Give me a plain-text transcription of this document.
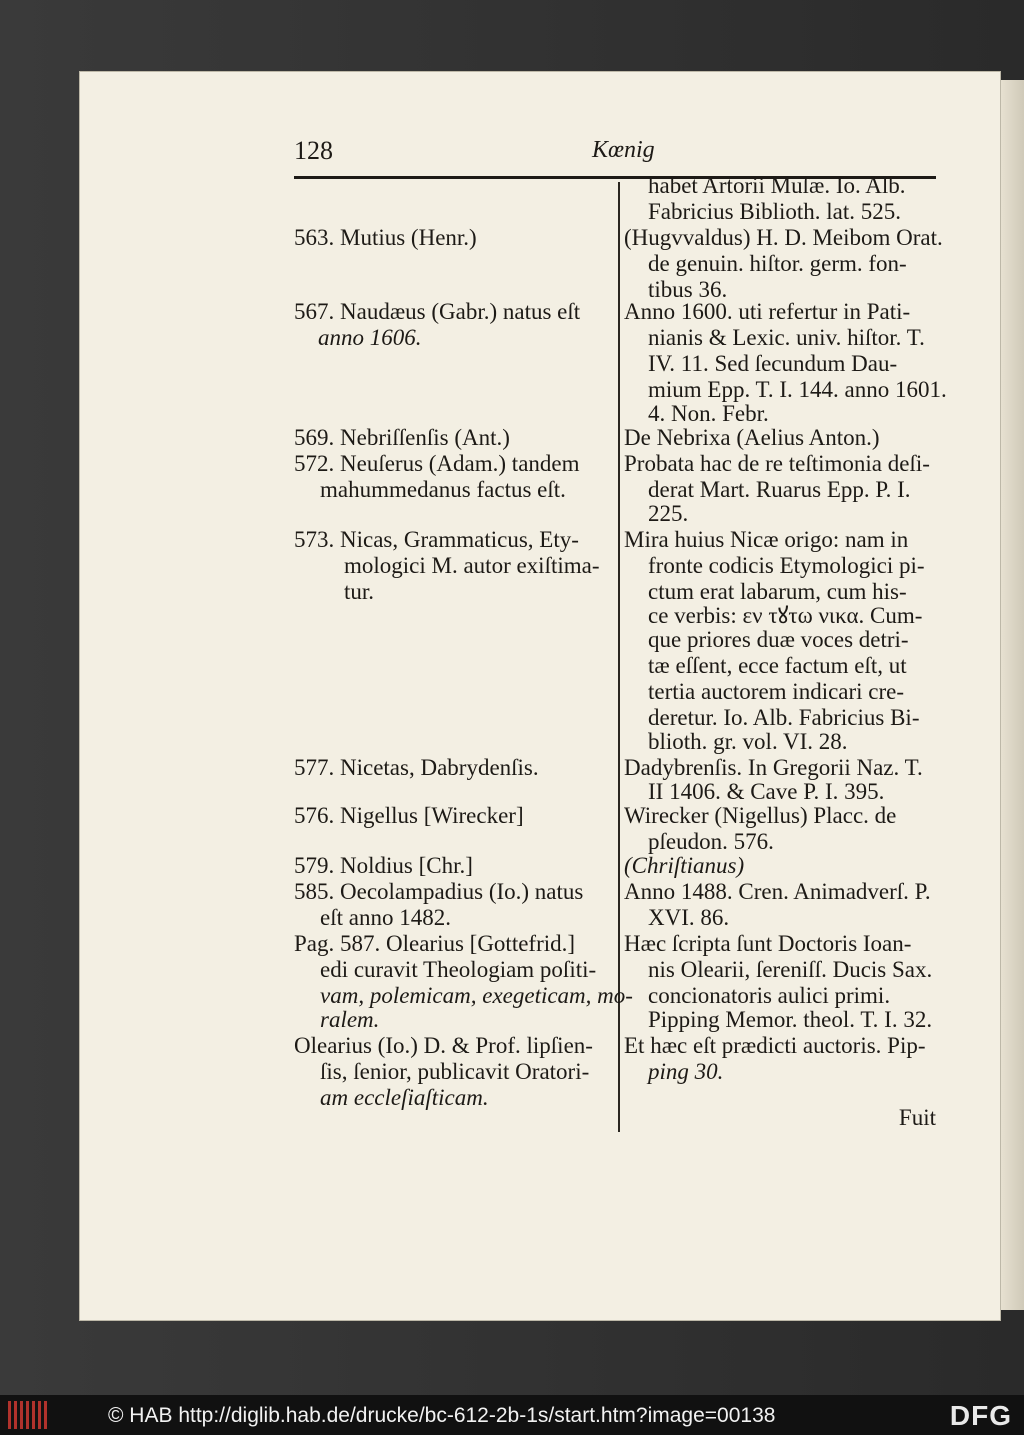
128	Kœnig
563. Mutius (Henr.)
567. Naudæus (Gabr.) natus eſt
anno 1606.
569. Nebriſſenſis (Ant.)
572. Neuſerus (Adam.) tandem
mahummedanus factus eſt.
573. Nicas, Grammaticus, Ety-
mologici M. autor exiſtima-
tur.
577. Nicetas, Dabrydenſis.
576. Nigellus [Wirecker]
579. Noldius [Chr.]
585. Oecolampadius (Io.) natus
eſt anno 1482.
Pag. 587. Olearius [Gottefrid.]
edi curavit Theologiam poſiti-
vam, polemicam, exegeticam, mo-
ralem.
Olearius (Io.) D. & Prof. lipſien-
ſis, ſenior, publicavit Oratori-
am eccleſiaſticam.
habet Artorii Muſæ. Io. Alb.
Fabricius Biblioth. lat. 525.
(Hugvvaldus) H. D. Meibom Orat.
de genuin. hiſtor. germ. fon-
tibus 36.
Anno 1600. uti refertur in Pati-
nianis & Lexic. univ. hiſtor. T.
IV. 11. Sed ſecundum Dau-
mium Epp. T. I. 144. anno 1601.
4. Non. Febr.
De Nebrixa (Aelius Anton.)
Probata hac de re teſtimonia deſi-
derat Mart. Ruarus Epp. P. I.
225.
Mira huius Nicæ origo: nam in
fronte codicis Etymologici pi-
ctum erat labarum, cum his-
ce verbis: εν τꙋτω νικα. Cum-
que priores duæ voces detri-
tæ eſſent, ecce factum eſt, ut
tertia auctorem indicari cre-
deretur. Io. Alb. Fabricius Bi-
blioth. gr. vol. VI. 28.
Dadybrenſis. In Gregorii Naz. T.
II 1406. & Cave P. I. 395.
Wirecker (Nigellus) Placc. de
pſeudon. 576.
(Chriſtianus)
Anno 1488. Cren. Animadverſ. P.
XVI. 86.
Hæc ſcripta ſunt Doctoris Ioan-
nis Olearii, ſereniſſ. Ducis Sax.
concionatoris aulici primi.
Pipping Memor. theol. T. I. 32.
Et hæc eſt prædicti auctoris. Pip-
ping 30.
Fuit
© HAB http://diglib.hab.de/drucke/bc-612-2b-1s/start.htm?image=00138	DFG
